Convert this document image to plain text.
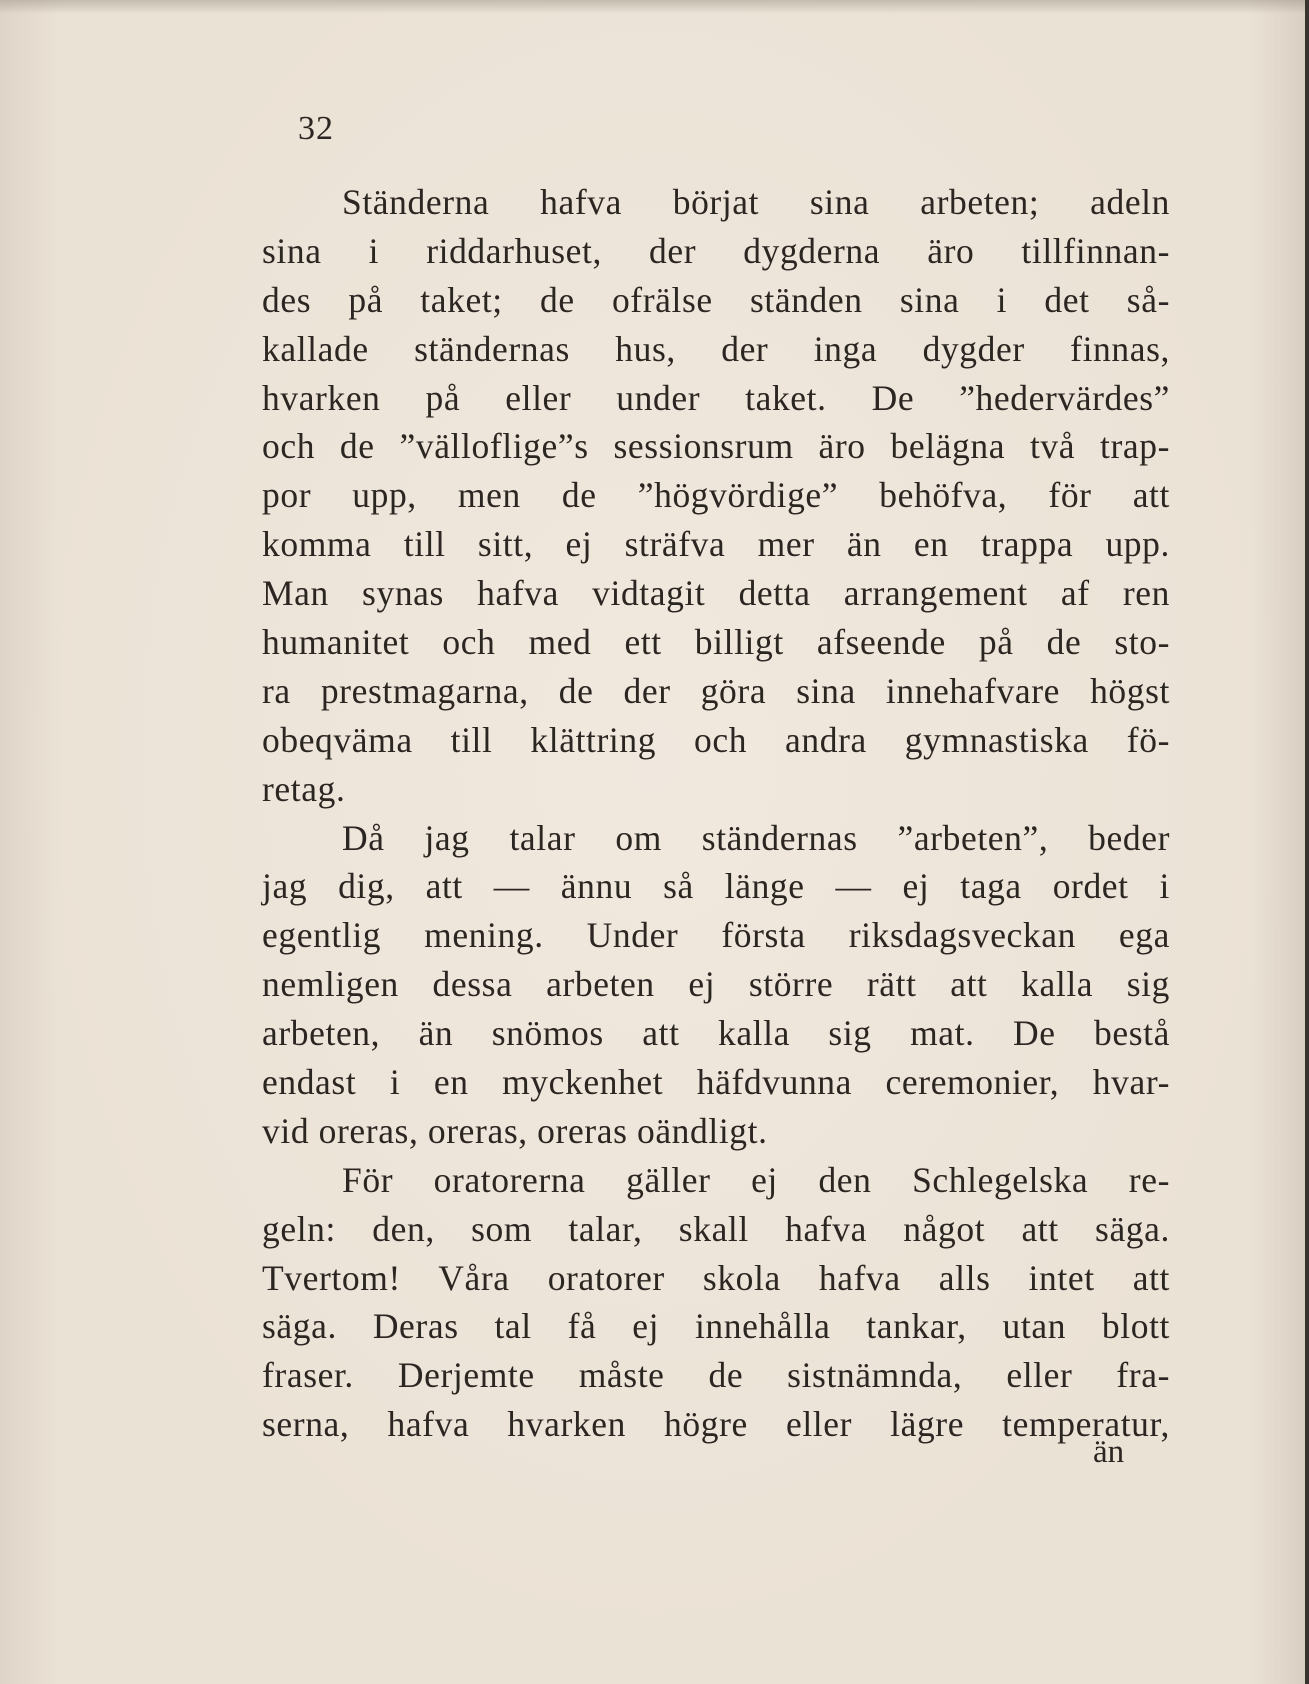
32
Ständerna hafva börjat sina arbeten; adeln
sina i riddarhuset, der dygderna äro tillfinnan-
des på taket; de ofrälse ständen sina i det så-
kallade ständernas hus, der inga dygder finnas,
hvarken på eller under taket. De ”hedervärdes”
och de ”välloflige”s sessionsrum äro belägna två trap-
por upp, men de ”högvördige” behöfva, för att
komma till sitt, ej sträfva mer än en trappa upp.
Man synas hafva vidtagit detta arrangement af ren
humanitet och med ett billigt afseende på de sto-
ra prestmagarna, de der göra sina innehafvare högst
obeqväma till klättring och andra gymnastiska fö-
retag.
Då jag talar om ständernas ”arbeten”, beder
jag dig, att — ännu så länge — ej taga ordet i
egentlig mening. Under första riksdagsveckan ega
nemligen dessa arbeten ej större rätt att kalla sig
arbeten, än snömos att kalla sig mat. De bestå
endast i en myckenhet häfdvunna ceremonier, hvar-
vid oreras, oreras, oreras oändligt.
För oratorerna gäller ej den Schlegelska re-
geln: den, som talar, skall hafva något att säga.
Tvertom! Våra oratorer skola hafva alls intet att
säga. Deras tal få ej innehålla tankar, utan blott
fraser. Derjemte måste de sistnämnda, eller fra-
serna, hafva hvarken högre eller lägre temperatur,
än
